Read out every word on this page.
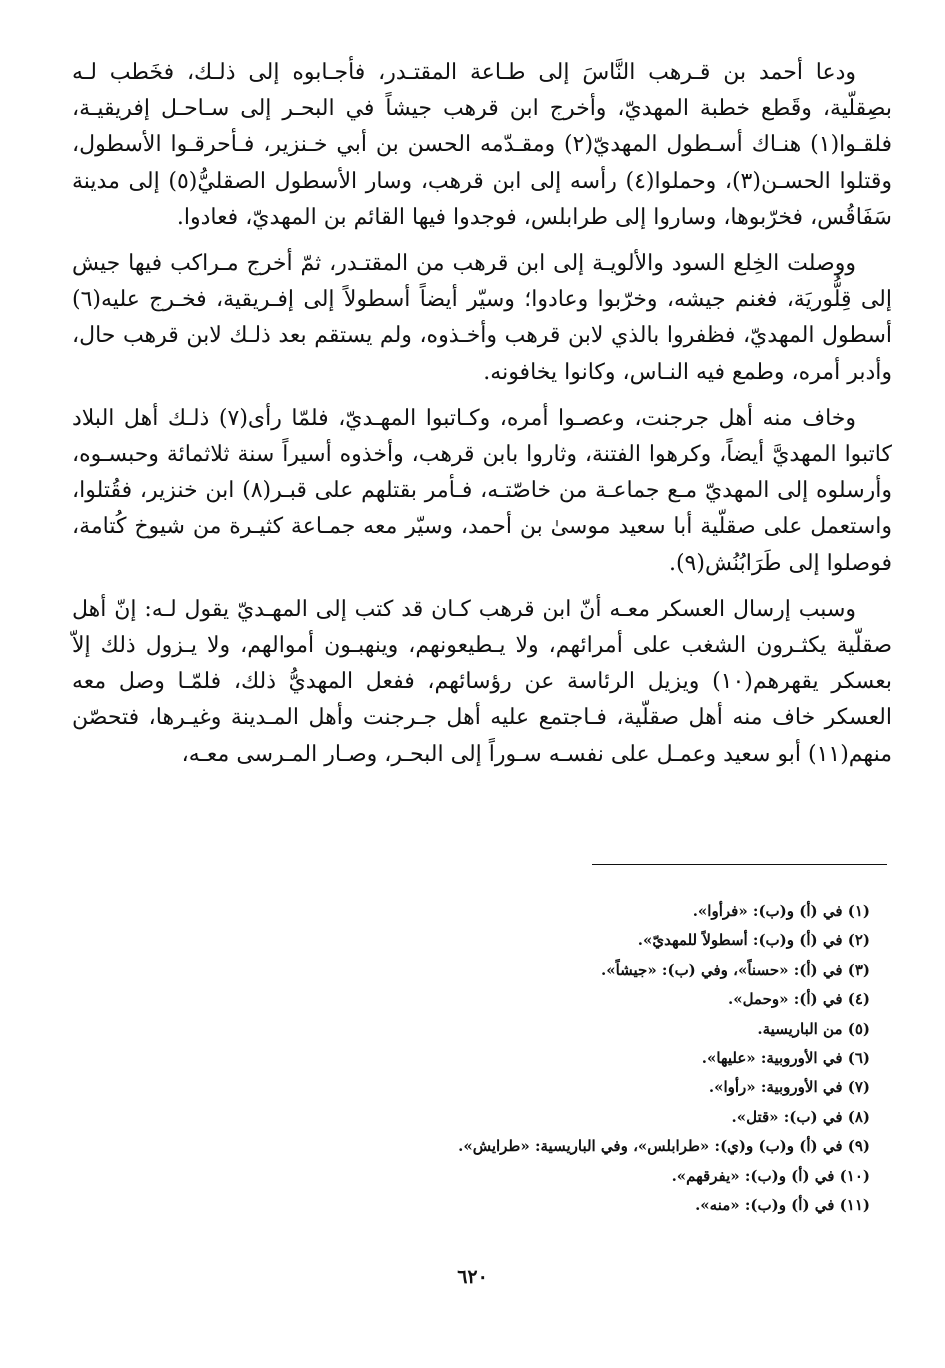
ودعا أحمد بن قـرهب النَّاسَ إلى طـاعة المقتـدر، فأجـابوه إلى ذلـك، فخَطب لـه بصِقلّية، وقَطع خطبة المهديّ، وأخرج ابن قرهب جيشاً في البحـر إلى سـاحـل إفريقيـة، فلقـوا(١) هنـاك أسـطول المهديّ(٢) ومقـدّمه الحسن بن أبي خـنزير، فـأحرقـوا الأسطول، وقتلوا الحسـن(٣)، وحملوا(٤) رأسه إلى ابن قرهب، وسار الأسطول الصقليُّ(٥) إلى مدينة سَفَاقُس، فخرّبوها، وساروا إلى طرابلس، فوجدوا فيها القائم بن المهديّ، فعادوا.

ووصلت الخِلع السود والألويـة إلى ابن قرهب من المقتـدر، ثمّ أخرج مـراكب فيها جيش إلى قِلُّوريَة، فغنم جيشه، وخرّبوا وعادوا؛ وسيّر أيضاً أسطولاً إلى إفـريقية، فخـرج عليه(٦) أسطول المهديّ، فظفروا بالذي لابن قرهب وأخـذوه، ولم يستقم بعد ذلـك لابن قرهب حال، وأدبر أمره، وطمع فيه النـاس، وكانوا يخافونه.

وخاف منه أهل جرجنت، وعصـوا أمره، وكـاتبوا المهـديّ، فلمّا رأى(٧) ذلـك أهل البلاد كاتبوا المهديَّ أيضاً، وكرهوا الفتنة، وثاروا بابن قرهب، وأخذوه أسيراً سنة ثلاثمائة وحبسـوه، وأرسلوه إلى المهديّ مـع جماعـة من خاصّتـه، فـأمر بقتلهم على قبـر(٨) ابن خنزير، فقُتلوا، واستعمل على صقلّية أبا سعيد موسىٰ بن أحمد، وسيّر معه جمـاعة كثيـرة من شيوخ كُتامة، فوصلوا إلى طَرَابُنُش(٩).

وسبب إرسال العسكر معـه أنّ ابن قرهب كـان قد كتب إلى المهـديّ يقول لـه: إنّ أهل صقلّية يكثـرون الشغب على أمرائهم، ولا يـطيعونهم، وينهبـون أموالهم، ولا يـزول ذلك إلاّ بعسكر يقهرهم(١٠) ويزيل الرئاسة عن رؤسائهم، ففعل المهديُّ ذلك، فلمّـا وصل معه العسكر خاف منه أهل صقلّية، فـاجتمع عليه أهل جـرجنت وأهل المـدينة وغيـرها، فتحصّن منهم(١١) أبو سعيد وعمـل على نفسـه سـوراً إلى البحـر، وصـار المـرسى معـه،

(١) في (أ) و(ب): «فرأوا».
(٢) في (أ) و(ب): أسطولاً للمهديّ».
(٣) في (أ): «حسناً»، وفي (ب): «جيشاً».
(٤) في (أ): «وحمل».
(٥) من الباريسية.
(٦) في الأوروبية: «عليها».
(٧) في الأوروبية: «رأوا».
(٨) في (ب): «قتل».
(٩) في (أ) و(ب) و(ي): «طرابلس»، وفي الباريسية: «طرايش».
(١٠) في (أ) و(ب): «يفرقهم».
(١١) في (أ) و(ب): «منه».
٦٢٠
